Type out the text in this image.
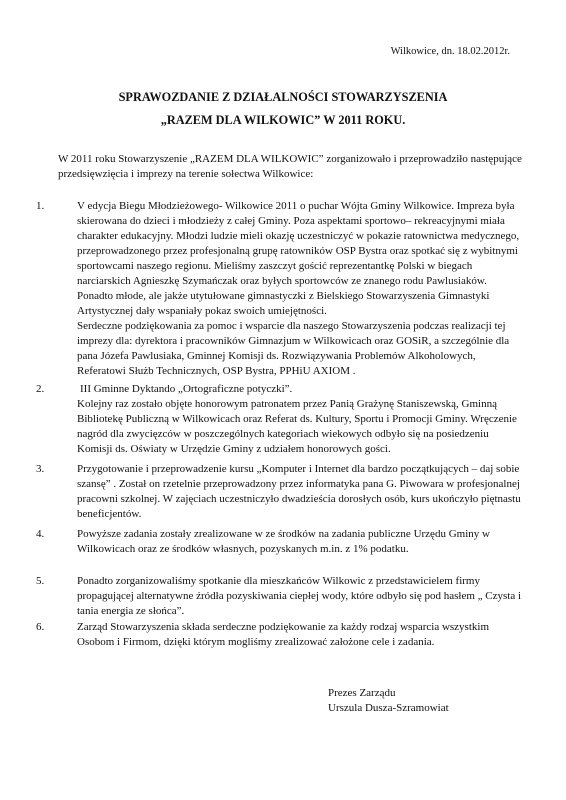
Wilkowice, dn. 18.02.2012r.
SPRAWOZDANIE Z DZIAŁALNOŚCI STOWARZYSZENIA
„RAZEM DLA WILKOWIC” W 2011 ROKU.
W 2011 roku Stowarzyszenie „RAZEM DLA WILKOWIC” zorganizowało i przeprowadziło następujące przedsięwzięcia i imprezy na terenie sołectwa Wilkowice:
1.	V edycja Biegu Młodzieżowego- Wilkowice 2011 o puchar Wójta Gminy Wilkowice. Impreza była skierowana do dzieci i młodzieży z całej Gminy. Poza aspektami sportowo– rekreacyjnymi miała charakter edukacyjny. Młodzi ludzie mieli okazję uczestniczyć w pokazie ratownictwa medycznego, przeprowadzonego przez profesjonalną grupę ratowników OSP Bystra oraz spotkać się z wybitnymi sportowcami naszego regionu. Mieliśmy zaszczyt gościć reprezentantkę Polski w biegach narciarskich Agnieszkę Szymańczak oraz byłych sportowców ze znanego rodu Pawlusiaków. Ponadto młode, ale jakże utytułowane gimnastyczki z Bielskiego Stowarzyszenia Gimnastyki Artystycznej dały wspaniały pokaz swoich umiejętności.

Serdeczne podziękowania za pomoc i wsparcie dla naszego Stowarzyszenia podczas realizacji tej imprezy dla: dyrektora i pracowników Gimnazjum w Wilkowicach oraz GOSiR, a szczególnie dla pana Józefa Pawlusiaka, Gminnej Komisji ds. Rozwiązywania Problemów Alkoholowych, Referatowi Służb Technicznych, OSP Bystra, PPHiU AXIOM .

2.	III Gminne Dyktando „Ortograficzne potyczki”.

Kolejny raz zostało objęte honorowym patronatem przez Panią Grażynę Staniszewską, Gminną Bibliotekę Publiczną w Wilkowicach oraz Referat ds. Kultury, Sportu i Promocji Gminy. Wręczenie nagród dla zwycięzców w poszczególnych kategoriach wiekowych odbyło się na posiedzeniu Komisji ds. Oświaty w Urzędzie Gminy z udziałem honorowych gości.

3.	Przygotowanie i przeprowadzenie kursu „Komputer i Internet dla bardzo początkujących – daj sobie szansę” . Został on rzetelnie przeprowadzony przez informatyka pana G. Piwowara w profesjonalnej pracowni szkolnej. W zajęciach uczestniczyło dwadzieścia dorosłych osób, kurs ukończyło piętnastu beneficjentów.

4.	Powyższe zadania zostały zrealizowane w ze środków na zadania publiczne Urzędu Gminy w Wilkowicach oraz ze środków własnych, pozyskanych m.in. z 1% podatku.

5.	Ponadto zorganizowaliśmy spotkanie dla mieszkańców Wilkowic z przedstawicielem firmy propagującej alternatywne źródła pozyskiwania ciepłej wody, które odbyło się pod hasłem „ Czysta i tania energia ze słońca”.

6.	Zarząd Stowarzyszenia składa serdeczne podziękowanie za każdy rodzaj wsparcia wszystkim Osobom i Firmom, dzięki którym mogliśmy zrealizować założone cele i zadania.

Prezes Zarządu
Urszula Dusza-Szramowiat
